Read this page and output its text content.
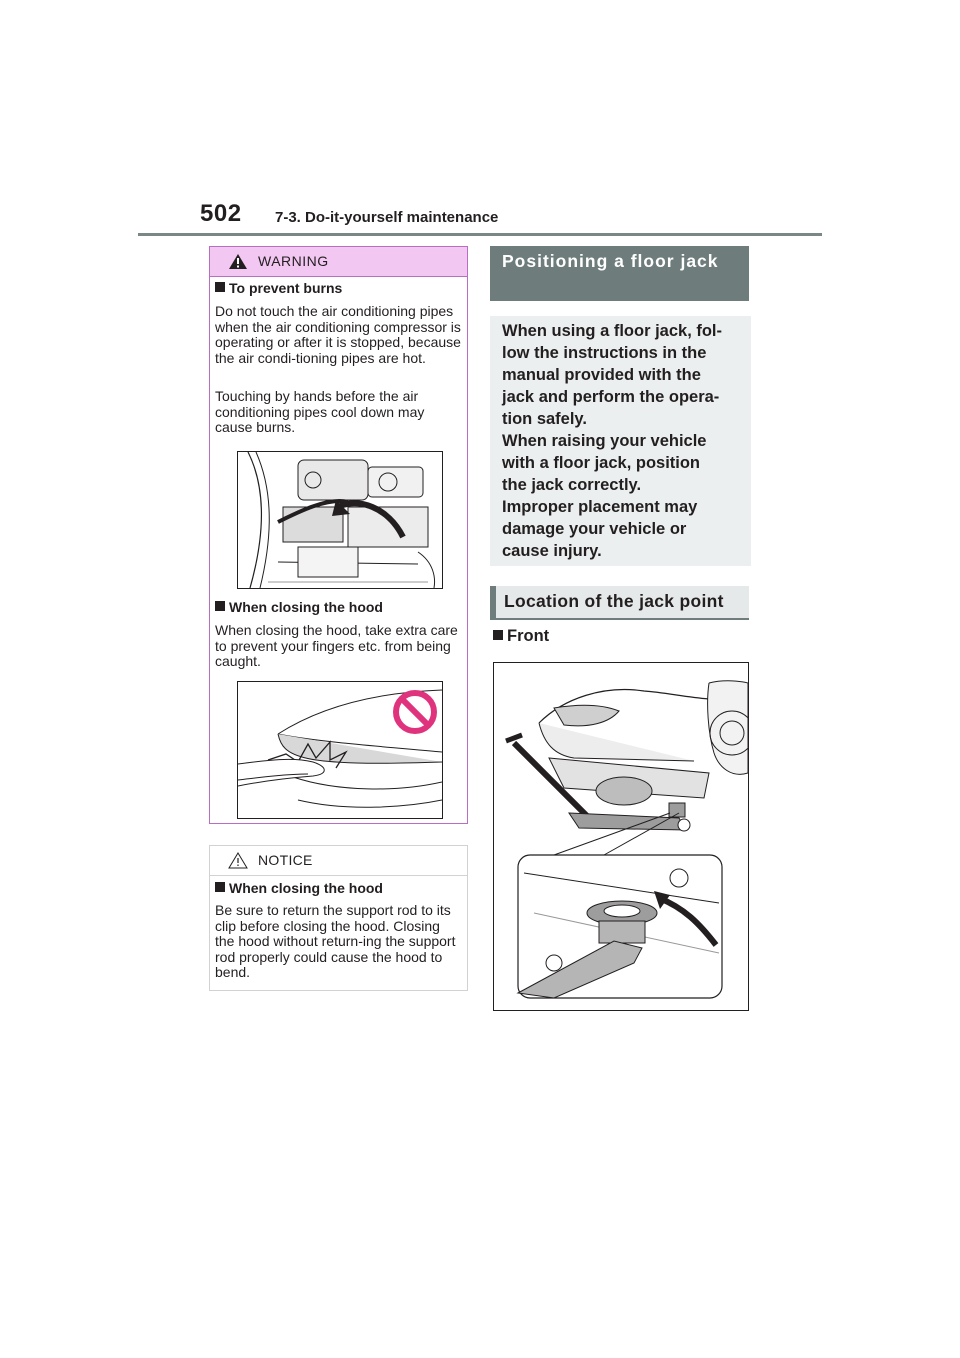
502 7-3. Do-it-yourself maintenance
WARNING
To prevent burns
Do not touch the air conditioning pipes when the air conditioning compressor is operating or after it is stopped, because the air condi-tioning pipes are hot.
Touching by hands before the air conditioning pipes cool down may cause burns.
When closing the hood
When closing the hood, take extra care to prevent your fingers etc. from being caught.
NOTICE
When closing the hood
Be sure to return the support rod to its clip before closing the hood. Closing the hood without return-ing the support rod properly could cause the hood to bend.
Positioning a floor jack
When using a floor jack, fol-
low the instructions in the
manual provided with the
jack and perform the opera-
tion safely.
When raising your vehicle
with a floor jack, position
the jack correctly.
Improper placement may
damage your vehicle or
cause injury.
Location of the jack point
Front
